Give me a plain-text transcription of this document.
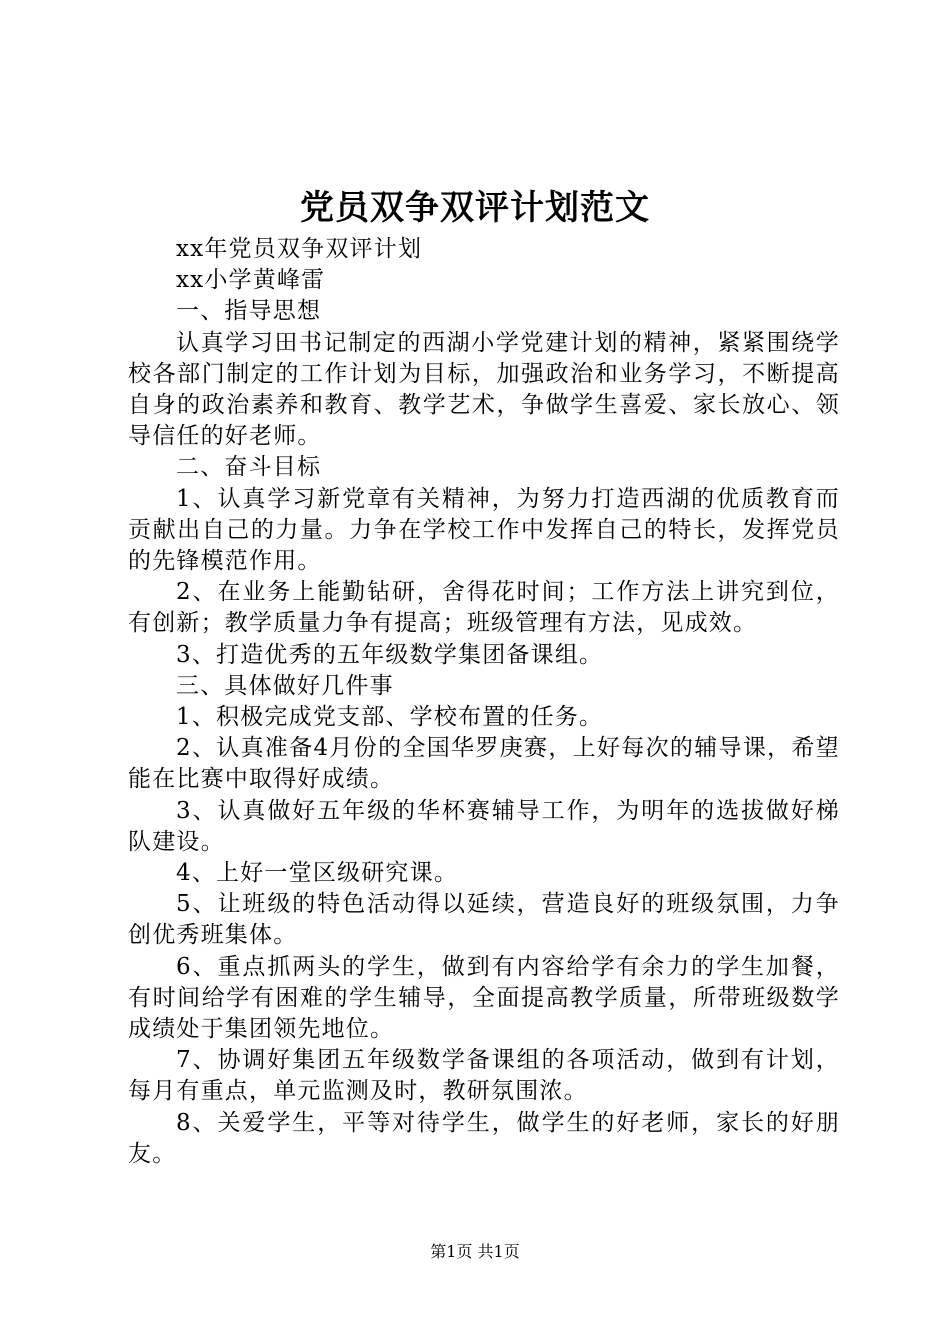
党员双争双评计划范文

xx年党员双争双评计划

xx小学黄峰雷

一、指导思想

认真学习田书记制定的西湖小学党建计划的精神，紧紧围绕学校各部门制定的工作计划为目标，加强政治和业务学习，不断提高自身的政治素养和教育、教学艺术，争做学生喜爱、家长放心、领导信任的好老师。

二、奋斗目标

1、认真学习新党章有关精神，为努力打造西湖的优质教育而贡献出自己的力量。力争在学校工作中发挥自己的特长，发挥党员的先锋模范作用。

2、在业务上能勤钻研，舍得花时间；工作方法上讲究到位，有创新；教学质量力争有提高；班级管理有方法，见成效。

3、打造优秀的五年级数学集团备课组。

三、具体做好几件事

1、积极完成党支部、学校布置的任务。

2、认真准备4月份的全国华罗庚赛，上好每次的辅导课，希望能在比赛中取得好成绩。

3、认真做好五年级的华杯赛辅导工作，为明年的选拔做好梯队建设。

4、上好一堂区级研究课。

5、让班级的特色活动得以延续，营造良好的班级氛围，力争创优秀班集体。

6、重点抓两头的学生，做到有内容给学有余力的学生加餐，有时间给学有困难的学生辅导，全面提高教学质量，所带班级数学成绩处于集团领先地位。

7、协调好集团五年级数学备课组的各项活动，做到有计划，每月有重点，单元监测及时，教研氛围浓。

8、关爱学生，平等对待学生，做学生的好老师，家长的好朋友。

第1页 共1页
